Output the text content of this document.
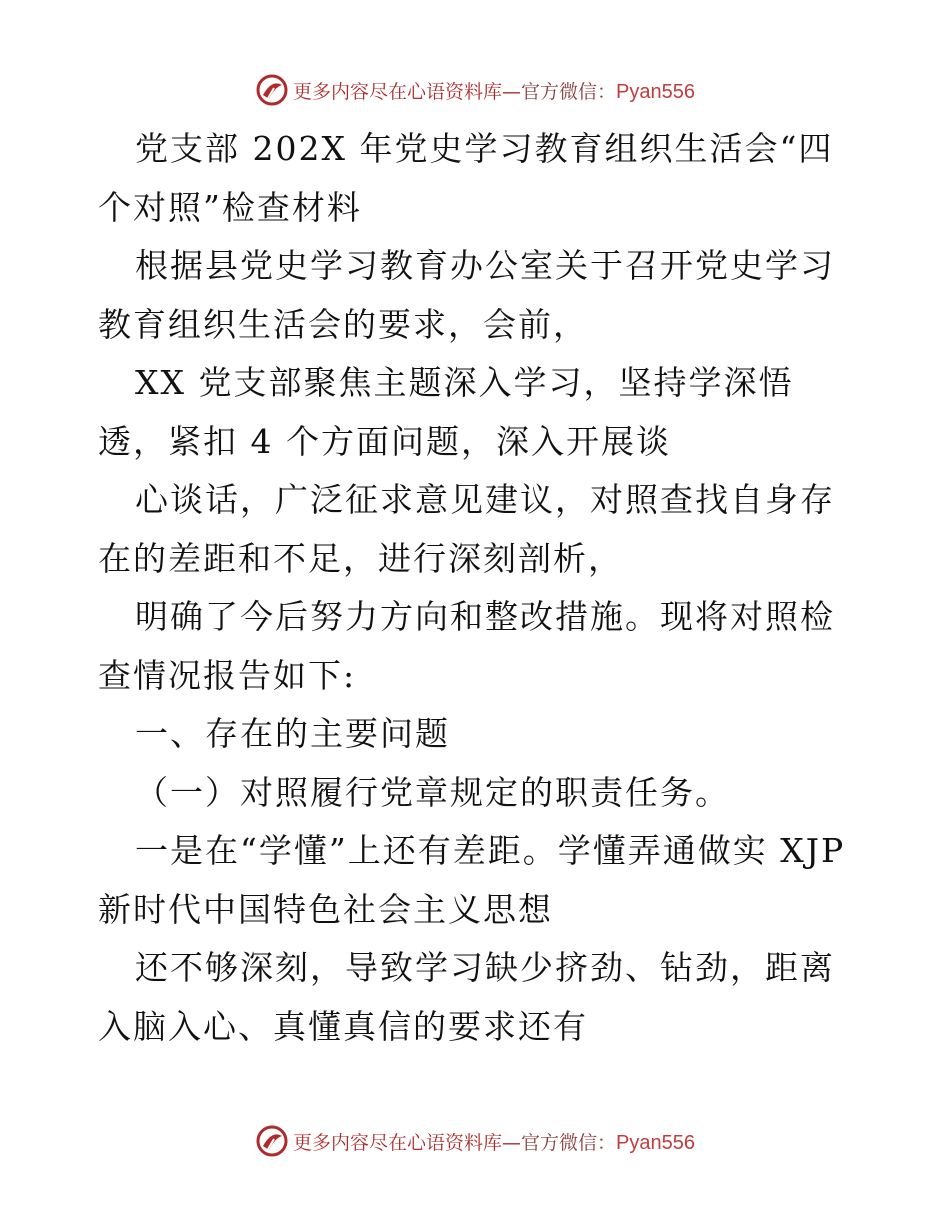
更多内容尽在心语资料库—官方微信：Pyan556

党支部 202X 年党史学习教育组织生活会“四个对照”检查材料

根据县党史学习教育办公室关于召开党史学习教育组织生活会的要求，会前，

XX 党支部聚焦主题深入学习，坚持学深悟透，紧扣 4 个方面问题，深入开展谈

心谈话，广泛征求意见建议，对照查找自身存在的差距和不足，进行深刻剖析，

明确了今后努力方向和整改措施。现将对照检查情况报告如下:

一、存在的主要问题

（一）对照履行党章规定的职责任务。

一是在“学懂”上还有差距。学懂弄通做实 XJP 新时代中国特色社会主义思想

还不够深刻，导致学习缺少挤劲、钻劲，距离入脑入心、真懂真信的要求还有

更多内容尽在心语资料库—官方微信：Pyan556
